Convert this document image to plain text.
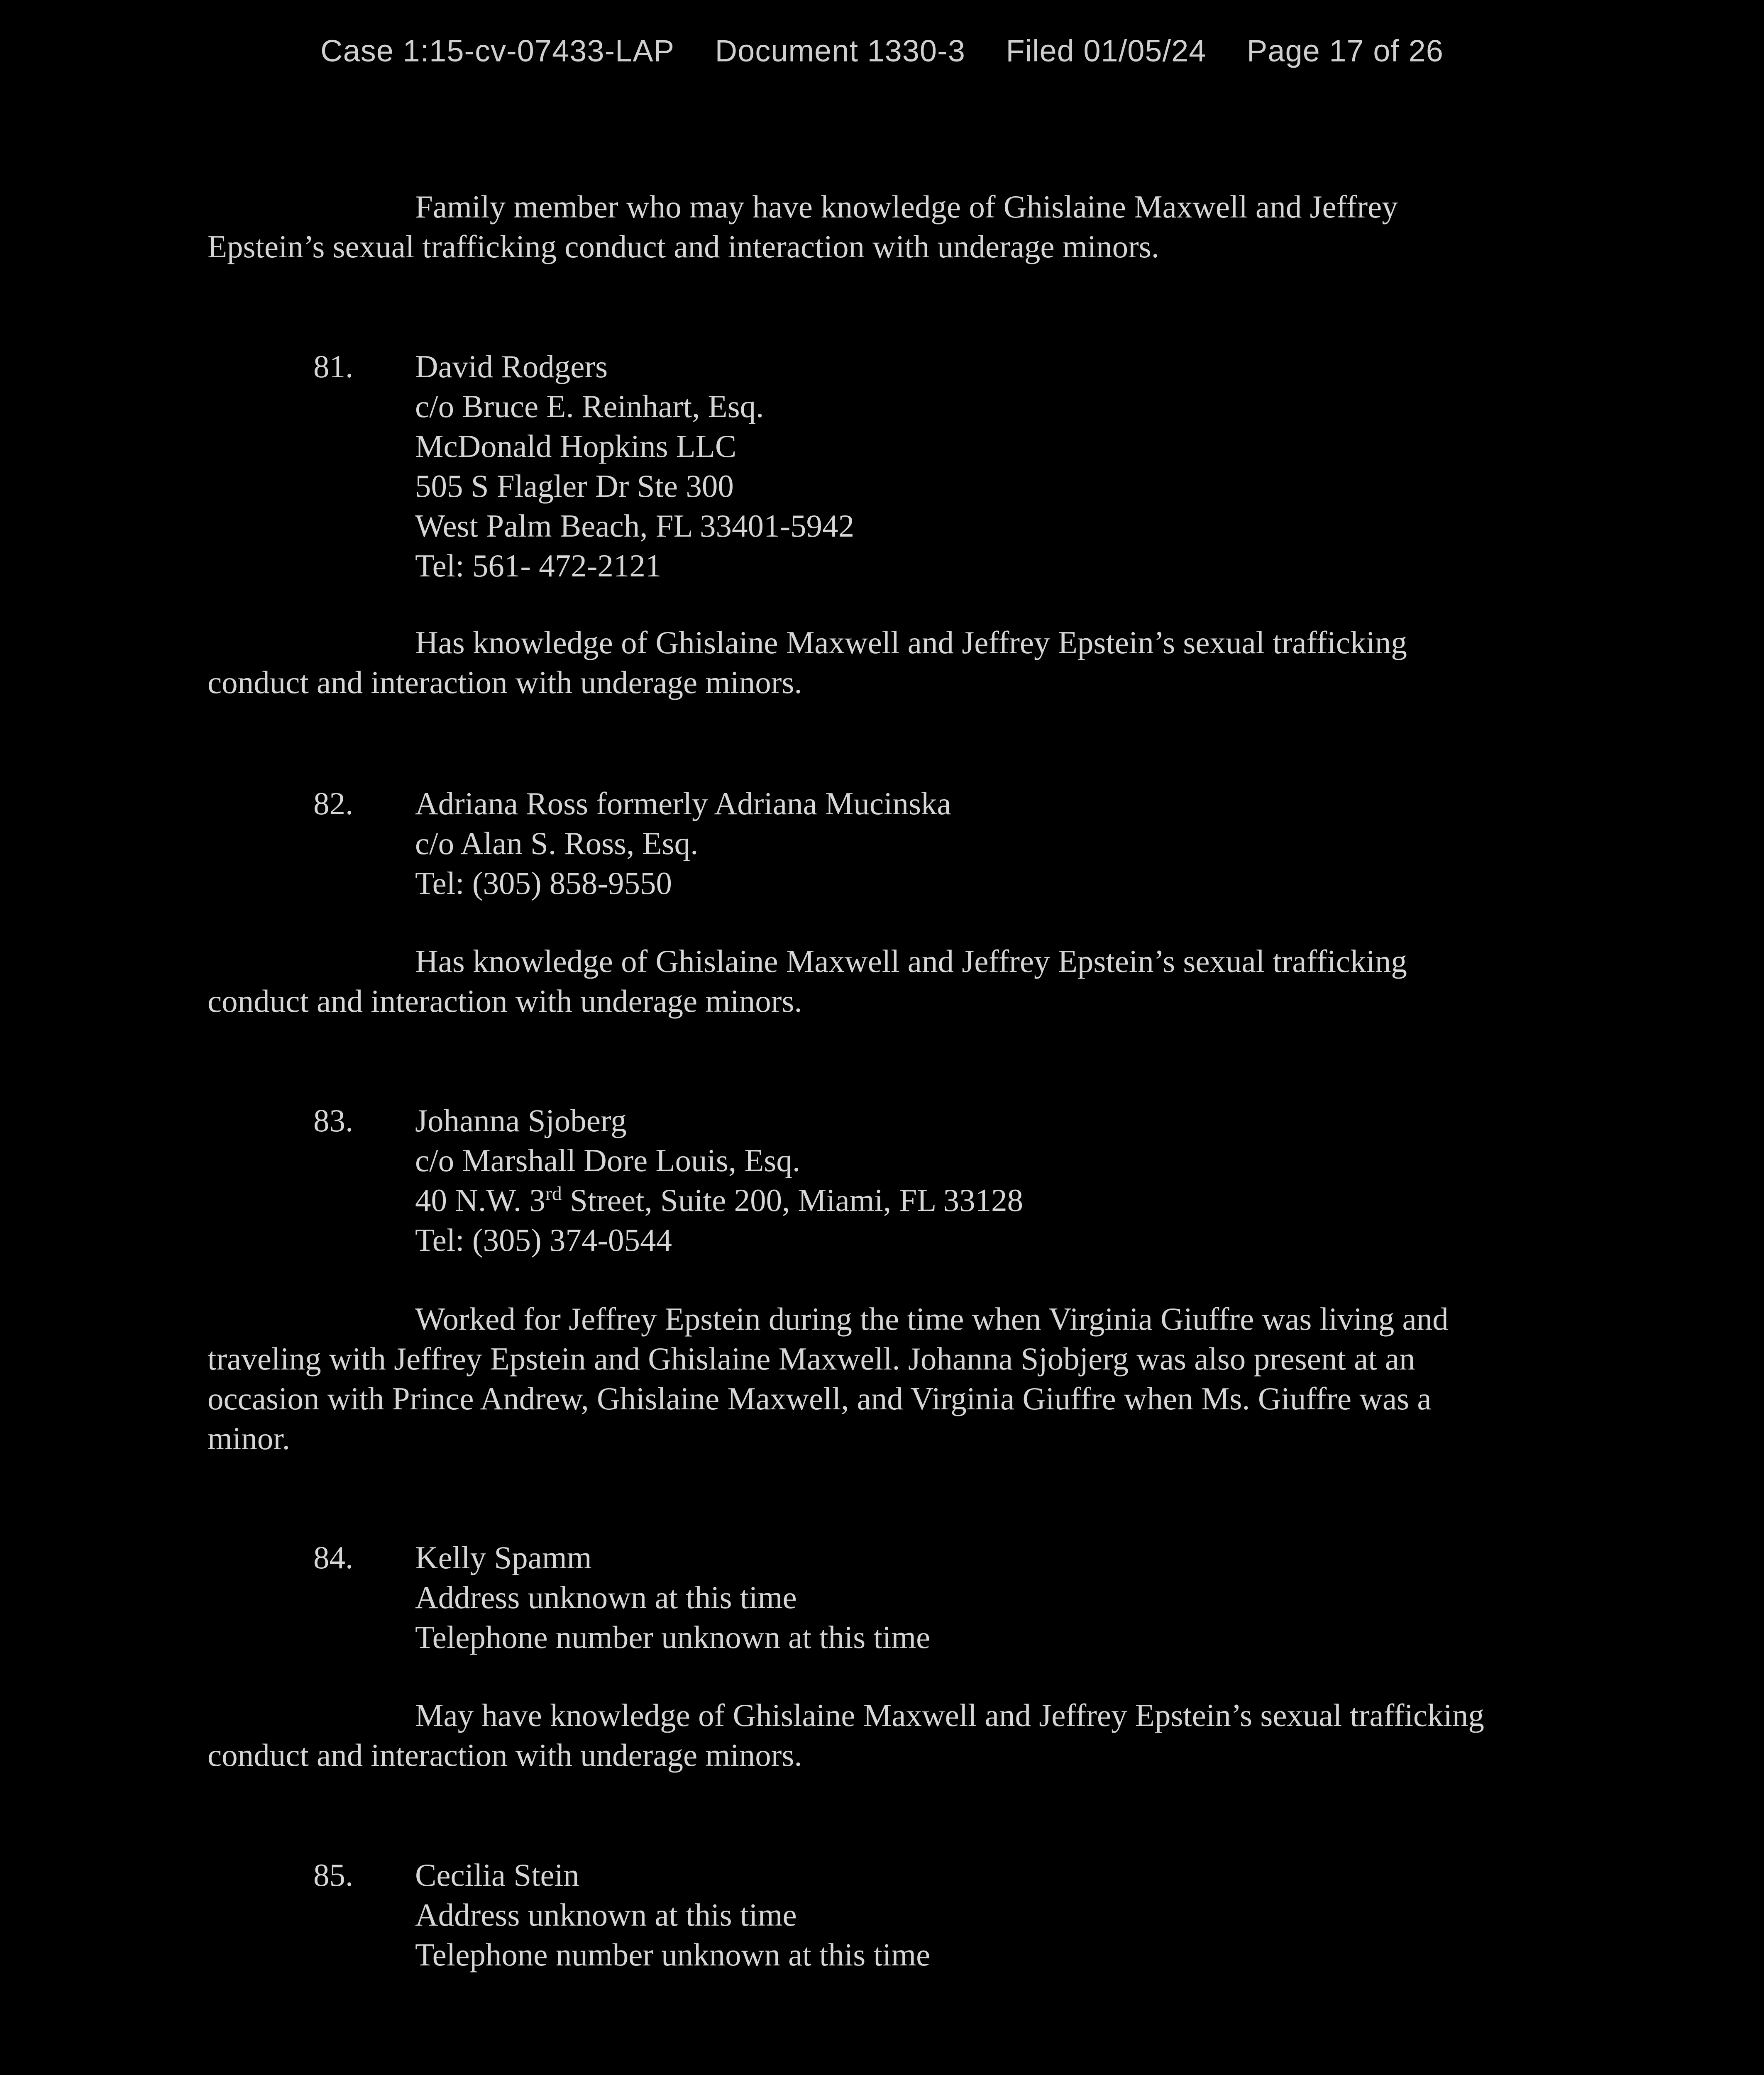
Case 1:15-cv-07433-LAP Document 1330-3 Filed 01/05/24 Page 17 of 26
Family member who may have knowledge of Ghislaine Maxwell and Jeffrey
Epstein’s sexual trafficking conduct and interaction with underage minors.
81.	David Rodgers
c/o Bruce E. Reinhart, Esq.
McDonald Hopkins LLC
505 S Flagler Dr Ste 300
West Palm Beach, FL 33401-5942
Tel: 561- 472-2121
Has knowledge of Ghislaine Maxwell and Jeffrey Epstein’s sexual trafficking
conduct and interaction with underage minors.
82.	Adriana Ross formerly Adriana Mucinska
c/o Alan S. Ross, Esq.
Tel: (305) 858-9550
Has knowledge of Ghislaine Maxwell and Jeffrey Epstein’s sexual trafficking
conduct and interaction with underage minors.
83.	Johanna Sjoberg
c/o Marshall Dore Louis, Esq.
40 N.W. 3rd Street, Suite 200, Miami, FL 33128
Tel: (305) 374-0544
Worked for Jeffrey Epstein during the time when Virginia Giuffre was living and
traveling with Jeffrey Epstein and Ghislaine Maxwell. Johanna Sjobjerg was also present at an
occasion with Prince Andrew, Ghislaine Maxwell, and Virginia Giuffre when Ms. Giuffre was a
minor.
84.	Kelly Spamm
Address unknown at this time
Telephone number unknown at this time
May have knowledge of Ghislaine Maxwell and Jeffrey Epstein’s sexual trafficking
conduct and interaction with underage minors.
85.	Cecilia Stein
Address unknown at this time
Telephone number unknown at this time
